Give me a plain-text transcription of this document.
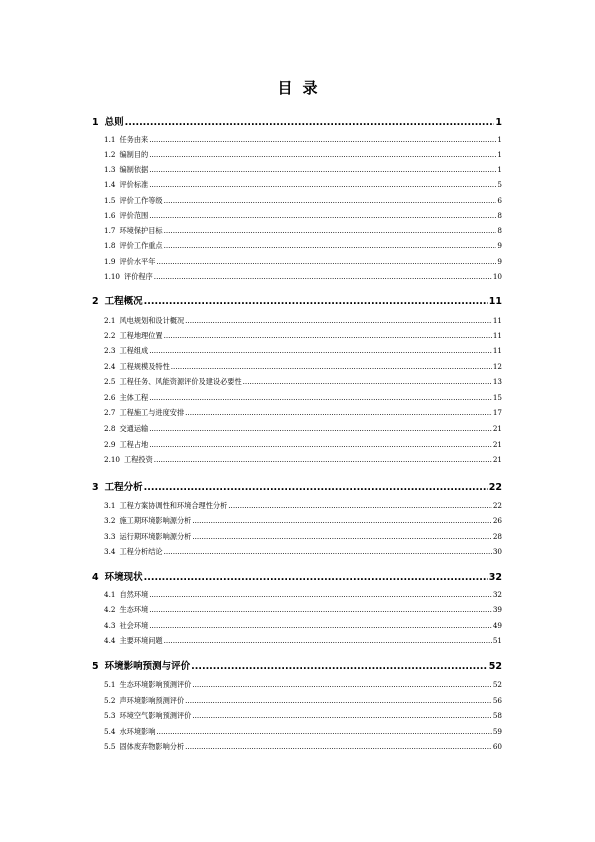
目 录
1 总则 .....	1
1.1 任务由来 .....	1
1.2 编制目的 .....	1
1.3 编制依据 .....	1
1.4 评价标准 .....	5
1.5 评价工作等级 .....	6
1.6 评价范围 .....	8
1.7 环境保护目标 .....	8
1.8 评价工作重点 .....	9
1.9 评价水平年 .....	9
1.10 评价程序 .....	10
2 工程概况 .....	11
2.1 风电规划和设计概况 .....	11
2.2 工程地理位置 .....	11
2.3 工程组成 .....	11
2.4 工程规模及特性 .....	12
2.5 工程任务、风能资源评价及建设必要性 .....	13
2.6 主体工程 .....	15
2.7 工程施工与进度安排 .....	17
2.8 交通运输 .....	21
2.9 工程占地 .....	21
2.10 工程投资 .....	21
3 工程分析 .....	22
3.1 工程方案协调性和环境合理性分析 .....	22
3.2 施工期环境影响源分析 .....	26
3.3 运行期环境影响源分析 .....	28
3.4 工程分析结论 .....	30
4 环境现状 .....	32
4.1 自然环境 .....	32
4.2 生态环境 .....	39
4.3 社会环境 .....	49
4.4 主要环境问题 .....	51
5 环境影响预测与评价 .....	52
5.1 生态环境影响预测评价 .....	52
5.2 声环境影响预测评价 .....	56
5.3 环境空气影响预测评价 .....	58
5.4 水环境影响 .....	59
5.5 固体废弃物影响分析 .....	60
